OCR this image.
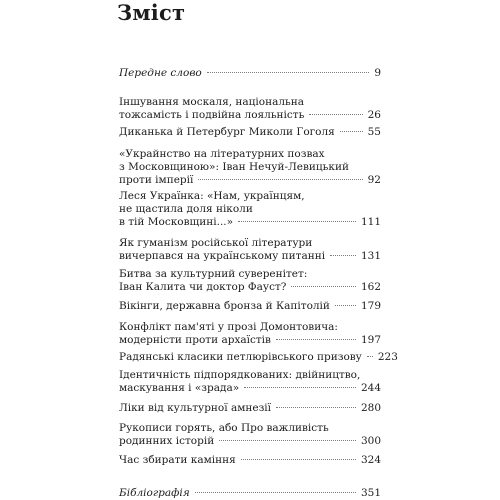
Зміст
Передне слово	9
Іншування москаля, національна
тожсамість і подвійна лояльність	26
Диканька й Петербург Миколи Гоголя	55
«Украйнство на літературних позвах
з Московщиною»: Іван Нечуй-Левицький
проти імперії	92
Леся Українка: «Нам, українцям,
не щастила доля ніколи
в тій Московщині...»	111
Як гуманізм російської літератури
вичерпався на українському питанні	131
Битва за культурний суверенітет:
Іван Калита чи доктор Фауст?	162
Вікінги, державна бронза й Капітолій	179
Конфлікт пам'яті у прозі Домонтовича:
модерністи проти архаїстів	197
Радянські класики петлюрівського призову 223
Ідентичність підпорядкованих: двійництво,
маскування і «зрада»	244
Ліки від культурної амнезії	280
Рукописи горять, або Про важливість
родинних історій	300
Час збирати каміння	324
Бібліографія	351
